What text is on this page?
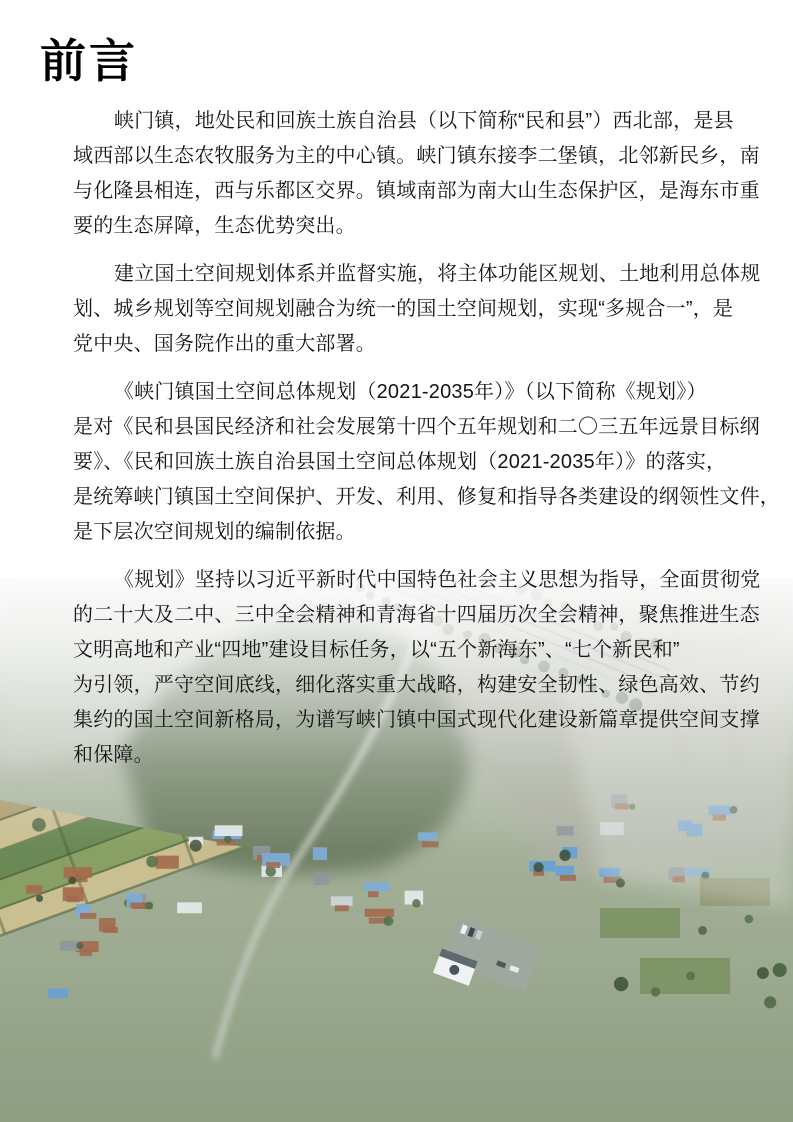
前言

峡门镇，地处民和回族土族自治县（以下简称“民和县”）西北部，是县
域西部以生态农牧服务为主的中心镇。峡门镇东接李二堡镇，北邻新民乡，南
与化隆县相连，西与乐都区交界。镇域南部为南大山生态保护区，是海东市重
要的生态屏障，生态优势突出。

建立国土空间规划体系并监督实施，将主体功能区规划、土地利用总体规
划、城乡规划等空间规划融合为统一的国土空间规划，实现“多规合一”，是
党中央、国务院作出的重大部署。

《峡门镇国土空间总体规划（2021-2035年）》（以下简称《规划》）
是对《民和县国民经济和社会发展第十四个五年规划和二〇三五年远景目标纲
要》、《民和回族土族自治县国土空间总体规划（2021-2035年）》的落实，
是统筹峡门镇国土空间保护、开发、利用、修复和指导各类建设的纲领性文件，
是下层次空间规划的编制依据。

《规划》坚持以习近平新时代中国特色社会主义思想为指导，全面贯彻党
的二十大及二中、三中全会精神和青海省十四届历次全会精神，聚焦推进生态
文明高地和产业“四地”建设目标任务，以“五个新海东”、“七个新民和”
为引领，严守空间底线，细化落实重大战略，构建安全韧性、绿色高效、节约
集约的国土空间新格局，为谱写峡门镇中国式现代化建设新篇章提供空间支撑
和保障。
